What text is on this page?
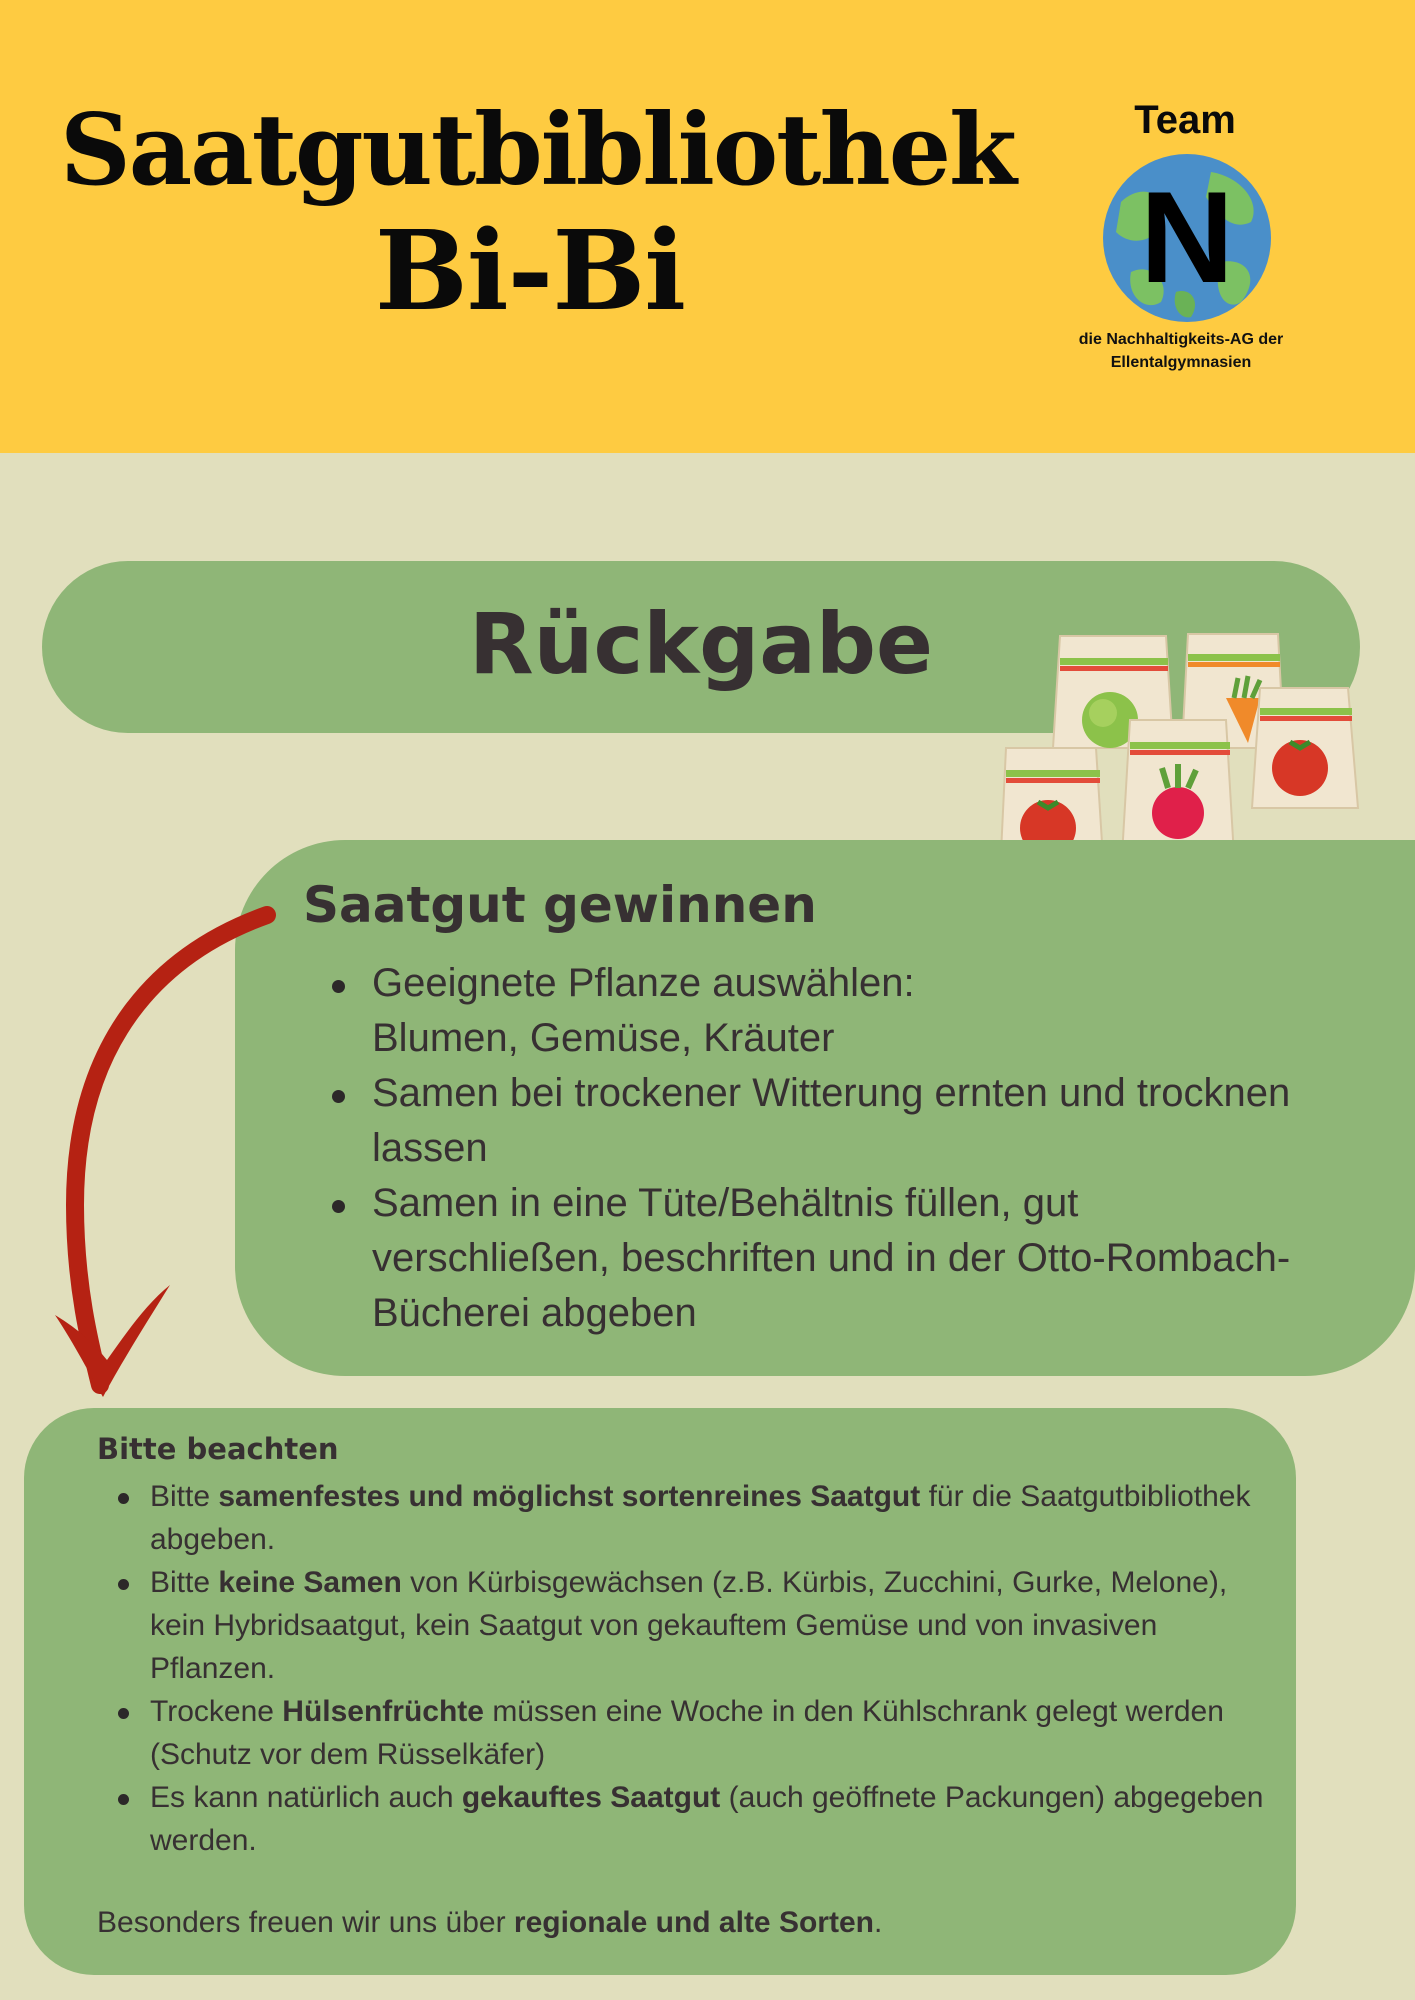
Saatgutbibliothek
Bi-Bi
Team
N
die Nachhaltigkeits-AG der
Ellentalgymnasien
Rückgabe
Saatgut gewinnen
Geeignete Pflanze auswählen:
Blumen, Gemüse, Kräuter
Samen bei trockener Witterung ernten und trocknen
lassen
Samen in eine Tüte/Behältnis füllen, gut
verschließen, beschriften und in der Otto-Rombach-
Bücherei abgeben
Bitte beachten
Bitte samenfestes und möglichst sortenreines Saatgut für die Saatgutbibliothek abgeben.
Bitte keine Samen von Kürbisgewächsen (z.B. Kürbis, Zucchini, Gurke, Melone), kein Hybridsaatgut, kein Saatgut von gekauftem Gemüse und von invasiven Pflanzen.
Trockene Hülsenfrüchte müssen eine Woche in den Kühlschrank gelegt werden (Schutz vor dem Rüsselkäfer)
Es kann natürlich auch gekauftes Saatgut (auch geöffnete Packungen) abgegeben werden.
Besonders freuen wir uns über regionale und alte Sorten.
